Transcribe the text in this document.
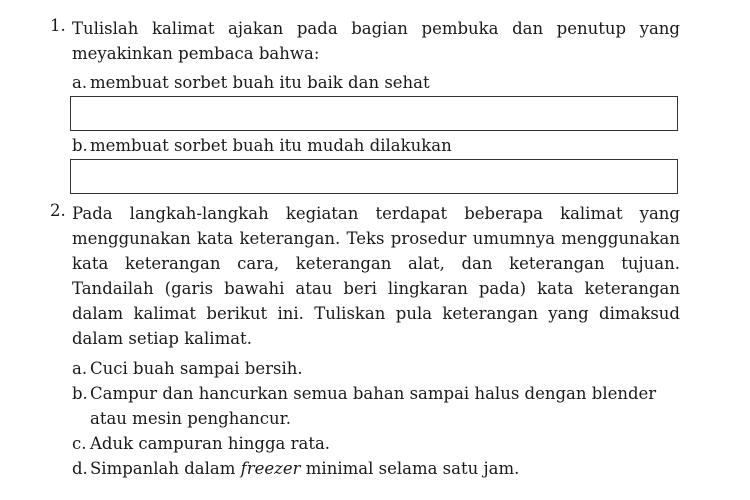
1. Tulislah kalimat ajakan pada bagian pembuka dan penutup yang meyakinkan pembaca bahwa:
a. membuat sorbet buah itu baik dan sehat
b. membuat sorbet buah itu mudah dilakukan
2. Pada langkah-langkah kegiatan terdapat beberapa kalimat yang menggunakan kata keterangan. Teks prosedur umumnya menggunakan kata keterangan cara, keterangan alat, dan keterangan tujuan. Tandailah (garis bawahi atau beri lingkaran pada) kata keterangan dalam kalimat berikut ini. Tuliskan pula keterangan yang dimaksud dalam setiap kalimat.
a. Cuci buah sampai bersih.
b. Campur dan hancurkan semua bahan sampai halus dengan blender
atau mesin penghancur.
c. Aduk campuran hingga rata.
d. Simpanlah dalam freezer minimal selama satu jam.
